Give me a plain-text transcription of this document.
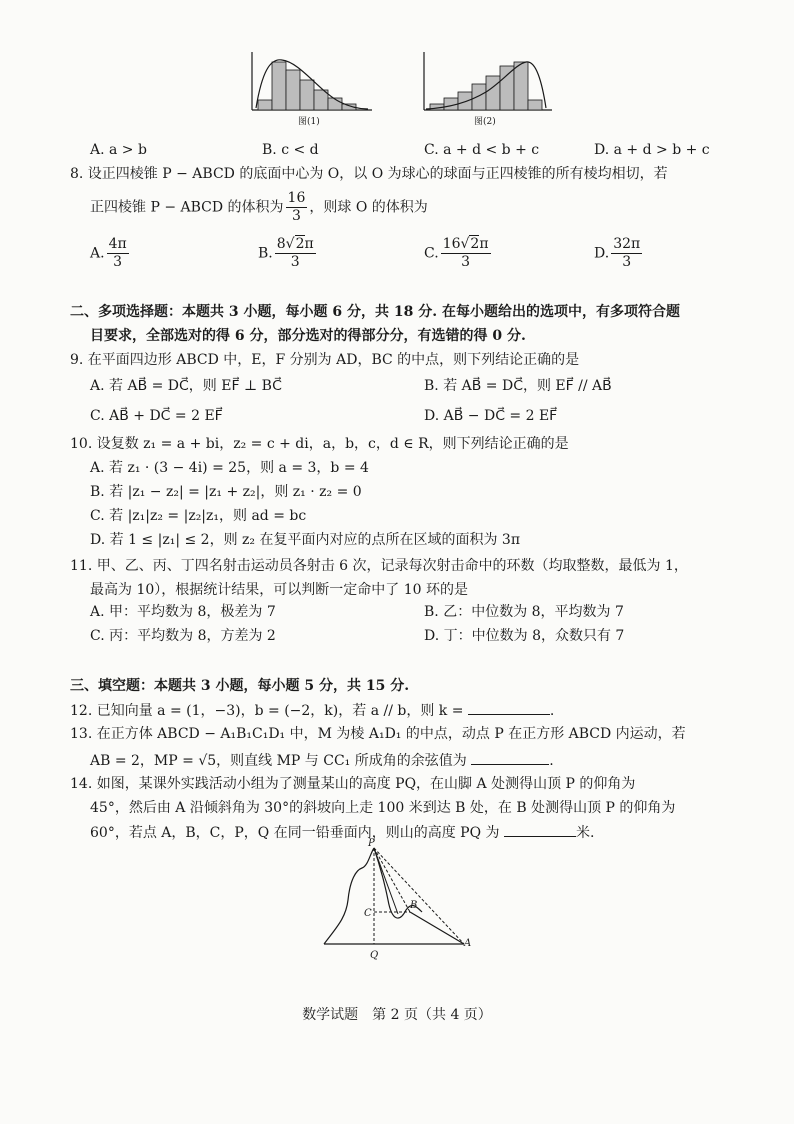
图(1)	图(2)
A. a > b	B. c < d	C. a + d < b + c	D. a + d > b + c
8. 设正四棱锥 P − ABCD 的底面中心为 O，以 O 为球心的球面与正四棱锥的所有棱均相切，若
正四棱锥 P − ABCD 的体积为 $\frac{16}{3}$ ，则球 O 的体积为
A. $\frac{4\pi}{3}$	B. $\frac{8√2\pi}{3}$	C. $\frac{16√2\pi}{3}$	D. $\frac{32\pi}{3}$
二、多项选择题：本题共 3 小题，每小题 6 分，共 18 分. 在每小题给出的选项中，有多项符合题
目要求，全部选对的得 6 分，部分选对的得部分分，有选错的得 0 分.
9. 在平面四边形 ABCD 中，E，F 分别为 AD，BC 的中点，则下列结论正确的是
A. 若 AB⃗ = DC⃗，则 EF⃗ ⊥ BC⃗	B. 若 AB⃗ = DC⃗，则 EF⃗ // AB⃗
C. AB⃗ + DC⃗ = 2 EF⃗	D. AB⃗ − DC⃗ = 2 EF⃗
10. 设复数 z₁ = a + bi，z₂ = c + di，a，b，c，d ∈ R，则下列结论正确的是
A. 若 z₁ · (3 − 4i) = 25，则 a = 3，b = 4
B. 若 |z₁ − z₂| = |z₁ + z₂|，则 z₁ · z₂ = 0
C. 若 |z₁|z₂ = |z₂|z₁，则 ad = bc
D. 若 1 ≤ |z₁| ≤ 2，则 z₂ 在复平面内对应的点所在区域的面积为 3π
11. 甲、乙、丙、丁四名射击运动员各射击 6 次，记录每次射击命中的环数（均取整数，最低为 1，
最高为 10），根据统计结果，可以判断一定命中了 10 环的是
A. 甲：平均数为 8，极差为 7	B. 乙：中位数为 8，平均数为 7
C. 丙：平均数为 8，方差为 2	D. 丁：中位数为 8，众数只有 7
三、填空题：本题共 3 小题，每小题 5 分，共 15 分.
12. 已知向量 a = (1，−3)，b = (−2，k)，若 a // b，则 k =	.
13. 在正方体 ABCD − A₁B₁C₁D₁ 中，M 为棱 A₁D₁ 的中点，动点 P 在正方形 ABCD 内运动，若
AB = 2，MP = √5，则直线 MP 与 CC₁ 所成角的余弦值为	.
14. 如图，某课外实践活动小组为了测量某山的高度 PQ，在山脚 A 处测得山顶 P 的仰角为
45°，然后由 A 沿倾斜角为 30°的斜坡向上走 100 米到达 B 处，在 B 处测得山顶 P 的仰角为
60°，若点 A，B，C，P，Q 在同一铅垂面内，则山的高度 PQ 为	米.
P
C
B
A
Q
数学试题　第 2 页（共 4 页）
